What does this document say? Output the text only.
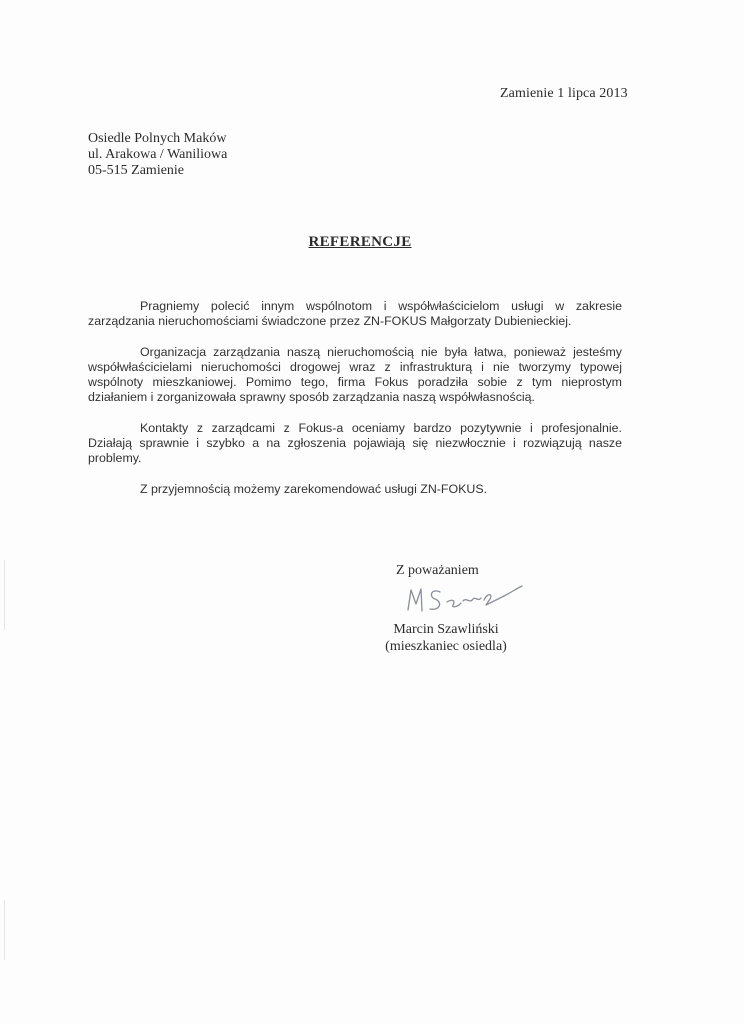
Zamienie 1 lipca 2013
Osiedle Polnych Maków
ul. Arakowa / Waniliowa
05-515 Zamienie
REFERENCJE

Pragniemy polecić innym wspólnotom i współwłaścicielom usługi w zakresie zarządzania nieruchomościami świadczone przez ZN-FOKUS Małgorzaty Dubienieckiej.

Organizacja zarządzania naszą nieruchomością nie była łatwa, ponieważ jesteśmy współwłaścicielami nieruchomości drogowej wraz z infrastrukturą i nie tworzymy typowej wspólnoty mieszkaniowej. Pomimo tego, firma Fokus poradziła sobie z tym nieprostym działaniem i zorganizowała sprawny sposób zarządzania naszą współwłasnością.

Kontakty z zarządcami z Fokus-a oceniamy bardzo pozytywnie i profesjonalnie. Działają sprawnie i szybko a na zgłoszenia pojawiają się niezwłocznie i rozwiązują nasze problemy.

Z przyjemnością możemy zarekomendować usługi ZN-FOKUS.

Z poważaniem
Marcin Szawliński
(mieszkaniec osiedla)
